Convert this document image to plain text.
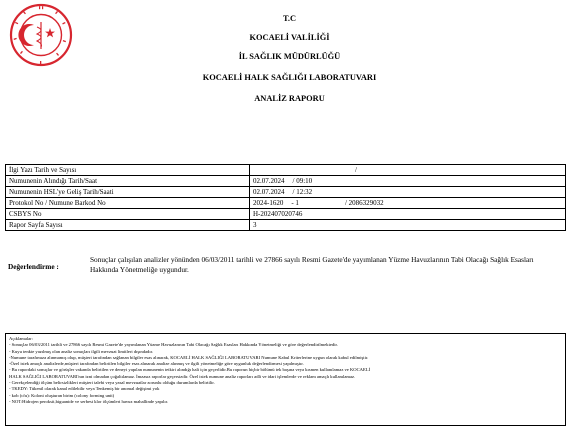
T.C
KOCAELİ VALİLİĞİ
İL SAĞLIK MÜDÜRLÜĞÜ
KOCAELİ HALK SAĞLIĞI LABORATUVARI
ANALİZ RAPORU
İlgi Yazı Tarih ve Sayısı	/
Numunenin Alındığı Tarih/Saat	02.07.2024 / 09:10
Numunenin HSL'ye Geliş Tarih/Saati	02.07.2024 / 12:32
Protokol No / Numune Barkod No	2024-1620 - 1 / 2086329032
CSBYS No	H-202407020746
Rapor Sayfa Sayısı	3
Değerlendirme :
Sonuçlar çalışılan analizler yönünden 06/03/2011 tarihli ve 27866 sayılı Resmi Gazete'de yayımlanan Yüzme Havuzlarının Tabi Olacağı Sağlık Esasları Hakkında Yönetmeliğe uygundur.
Açıklamalar:
- Sonuçlar 06/03/2011 tarihli ve 27866 sayılı Resmi Gazete'de yayımlanan Yüzme Havuzlarının Tabi Olacağı Sağlık Esasları Hakkında Yönetmeliği ve göre değerlendirilmektedir.
- Kuyu tenkte yazılmış olan analiz sonuçları ilgili mevzuat limitleri dışındadır.
-Numune tarafımıza alınmamış olup, müşteri tarafından sağlanan bilgiler esas alınarak, KOCAELİ HALK SAĞLIĞI LABORATUVARI Numune Kabul Kriterlerine uygun olarak kabul edilmiştir.
-Özel istek amaçlı analizlerde,müşteri tarafından belirtilen bilgiler esas alınarak analize alınmış ve ilgili yönetmeliğe göre uygunluk değerlendirmesi yapılmıştır.
- Bu rapordaki sonuçlar ve görüşler vakanda belirtilen ve deneyi yapılan numunenin tetkiri alındığı hali için geçerlidir.Bu raporun hiçbir bölümü tek başına veya kısmen kullanılamaz ve KOCAELİ
HALK SAĞLIĞI LABORATUVARI'nın izni olmadan çoğaltılamaz. İmzasız raporlar geçersizdir. Özel istek numune analiz raporları adli ve idari işlemlerde ve reklam amaçlı kullanılamaz.
- Gerekçelendiği ölçüm belirsizlikleri müşteri talebi veya yasal mevzuatlar zorunlu olduğu durumlarda belirtilir.
- TKEDY: Tükenil olarak kanal edilebilir veya Tenkemiş bir anomal değişimi yok
- kob (cfu): Koloni oluşturan birim (colony forming unit)
- NOT:Hidrojen peroksit,biguanide ve serbest klor ölçümleri havuz mahallinde yapılır.
